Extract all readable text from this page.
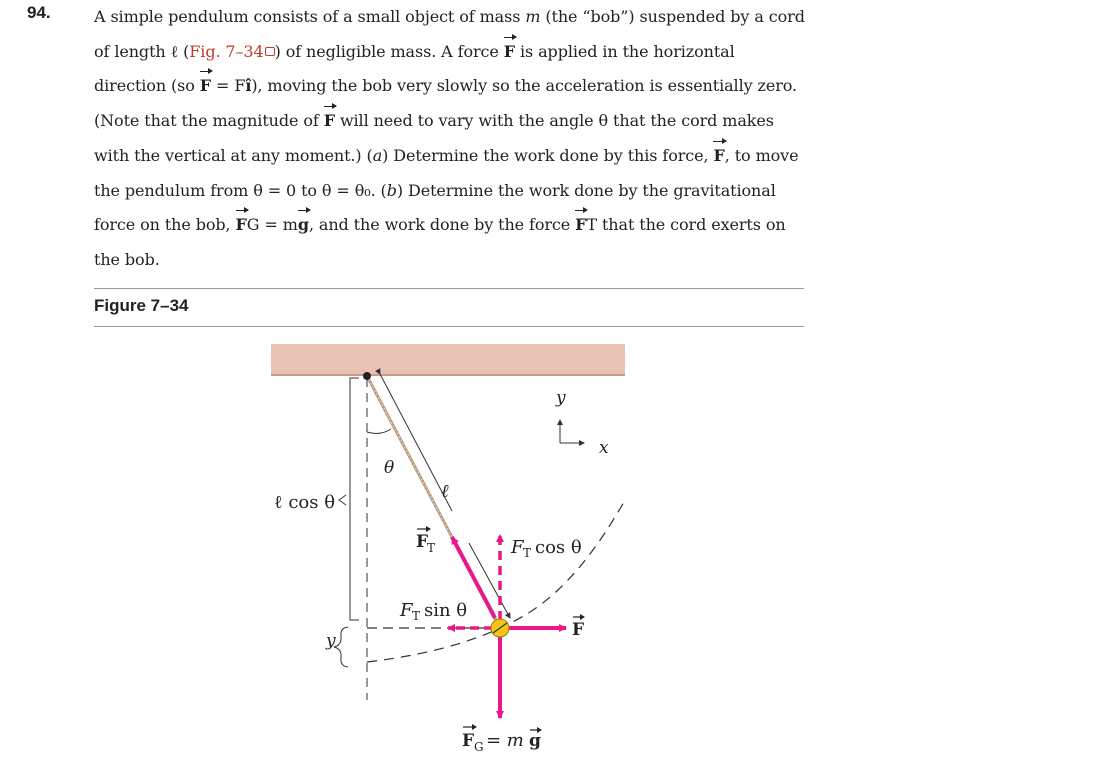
94.	A simple pendulum consists of a small object of mass m (the “bob”) suspended by a cord
of length ℓ (Fig. 7–34 ) of negligible mass. A force F is applied in the horizontal
direction (so F = Fî), moving the bob very slowly so the acceleration is essentially zero.
(Note that the magnitude of F will need to vary with the angle θ that the cord makes
with the vertical at any moment.) (a) Determine the work done by this force, F, to move
the pendulum from θ = 0 to θ = θ₀. (b) Determine the work done by the gravitational
force on the bob, FG = mg, and the work done by the force FT that the cord exerts on
the bob.
Figure 7–34
y
x
θ
ℓ
ℓ cos θ
y
F
T	F T cos θ
F T sin θ
F
F G = m g
